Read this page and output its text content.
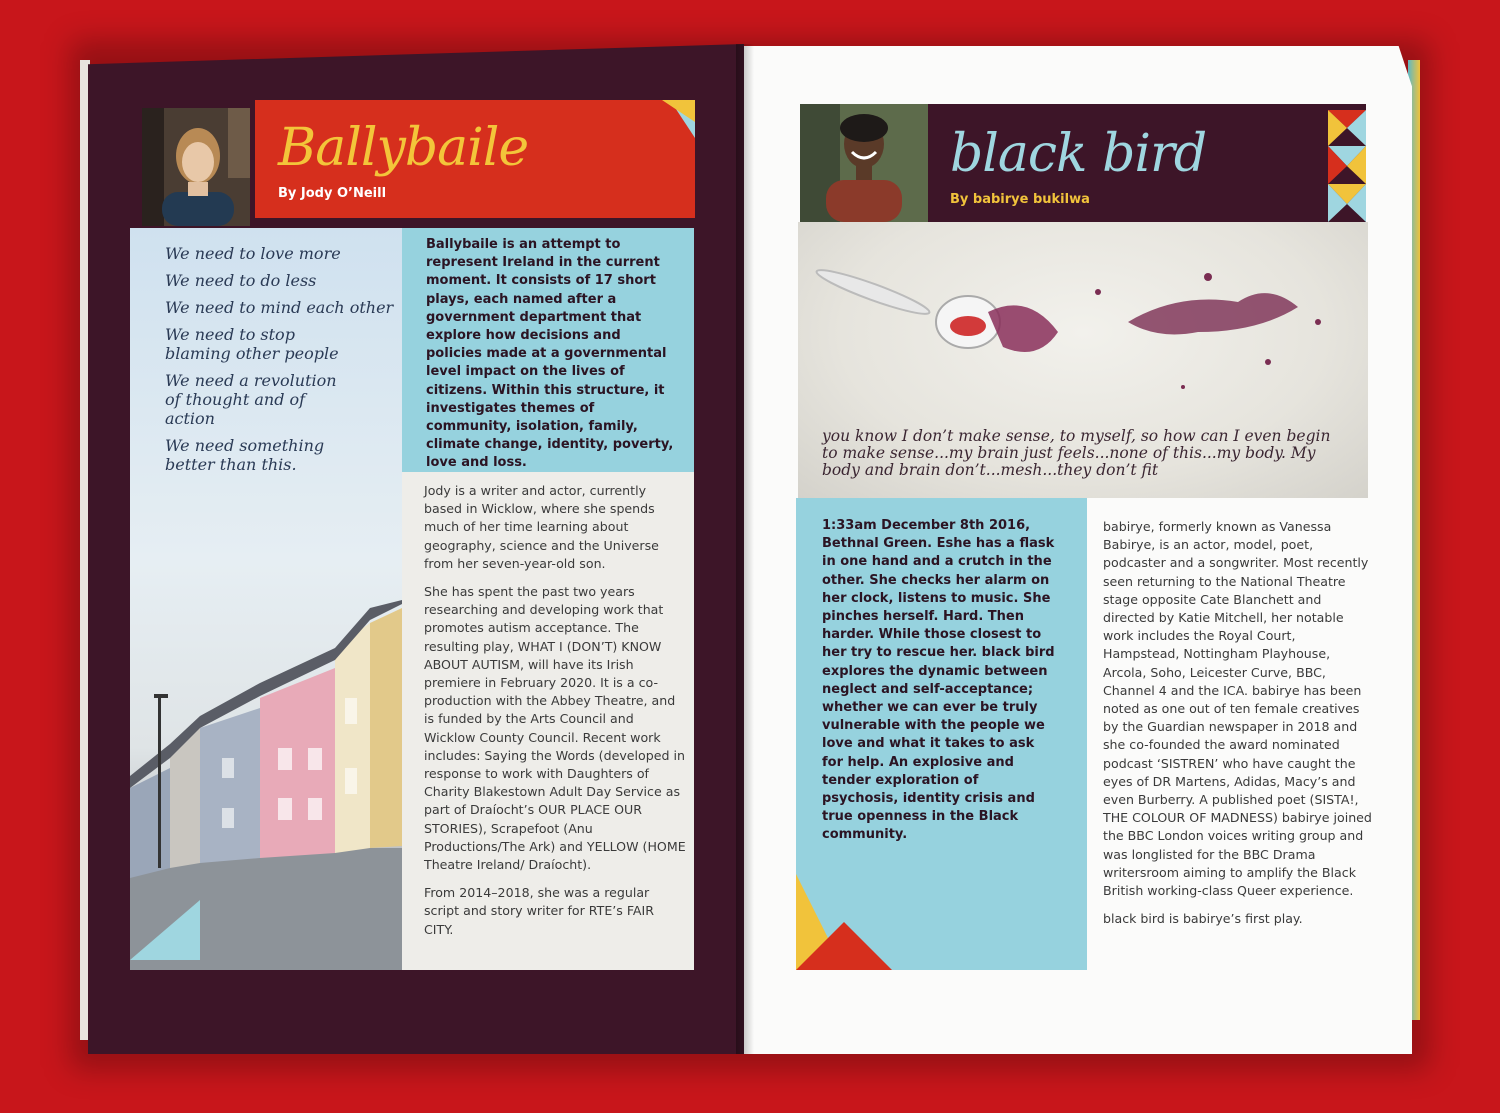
Ballybaile
By Jody O’Neill
We need to love more
We need to do less
We need to mind each other
We need to stop blaming other people
We need a revolution of thought and of action
We need something better than this.
Ballybaile is an attempt to represent Ireland in the current moment. It consists of 17 short plays, each named after a government department that explore how decisions and policies made at a governmental level impact on the lives of citizens. Within this structure, it investigates themes of community, isolation, family, climate change, identity, poverty, love and loss.

Jody is a writer and actor, currently based in Wicklow, where she spends much of her time learning about geography, science and the Universe from her seven-year-old son.

She has spent the past two years researching and developing work that promotes autism acceptance. The resulting play, WHAT I (DON’T) KNOW ABOUT AUTISM, will have its Irish premiere in February 2020. It is a co-production with the Abbey Theatre, and is funded by the Arts Council and Wicklow County Council. Recent work includes: Saying the Words (developed in response to work with Daughters of Charity Blakestown Adult Day Service as part of Draíocht’s OUR PLACE OUR STORIES), Scrapefoot (Anu Productions/The Ark) and YELLOW (HOME Theatre Ireland/ Draíocht).

From 2014–2018, she was a regular script and story writer for RTE’s FAIR CITY.

black bird
By babirye bukilwa
you know I don’t make sense, to myself, so how can I even begin to make sense...my brain just feels...none of this...my body. My body and brain don’t...mesh...they don’t fit
1:33am December 8th 2016, Bethnal Green. Eshe has a flask in one hand and a crutch in the other. She checks her alarm on her clock, listens to music. She pinches herself. Hard. Then harder. While those closest to her try to rescue her. black bird explores the dynamic between neglect and self-acceptance; whether we can ever be truly vulnerable with the people we love and what it takes to ask for help. An explosive and tender exploration of psychosis, identity crisis and true openness in the Black community.

babirye, formerly known as Vanessa Babirye, is an actor, model, poet, podcaster and a songwriter. Most recently seen returning to the National Theatre stage opposite Cate Blanchett and directed by Katie Mitchell, her notable work includes the Royal Court, Hampstead, Nottingham Playhouse, Arcola, Soho, Leicester Curve, BBC, Channel 4 and the ICA. babirye has been noted as one out of ten female creatives by the Guardian newspaper in 2018 and she co-founded the award nominated podcast ‘SISTREN’ who have caught the eyes of DR Martens, Adidas, Macy’s and even Burberry. A published poet (SISTA!, THE COLOUR OF MADNESS) babirye joined the BBC London voices writing group and was longlisted for the BBC Drama writersroom aiming to amplify the Black British working-class Queer experience.

black bird is babirye’s first play.
